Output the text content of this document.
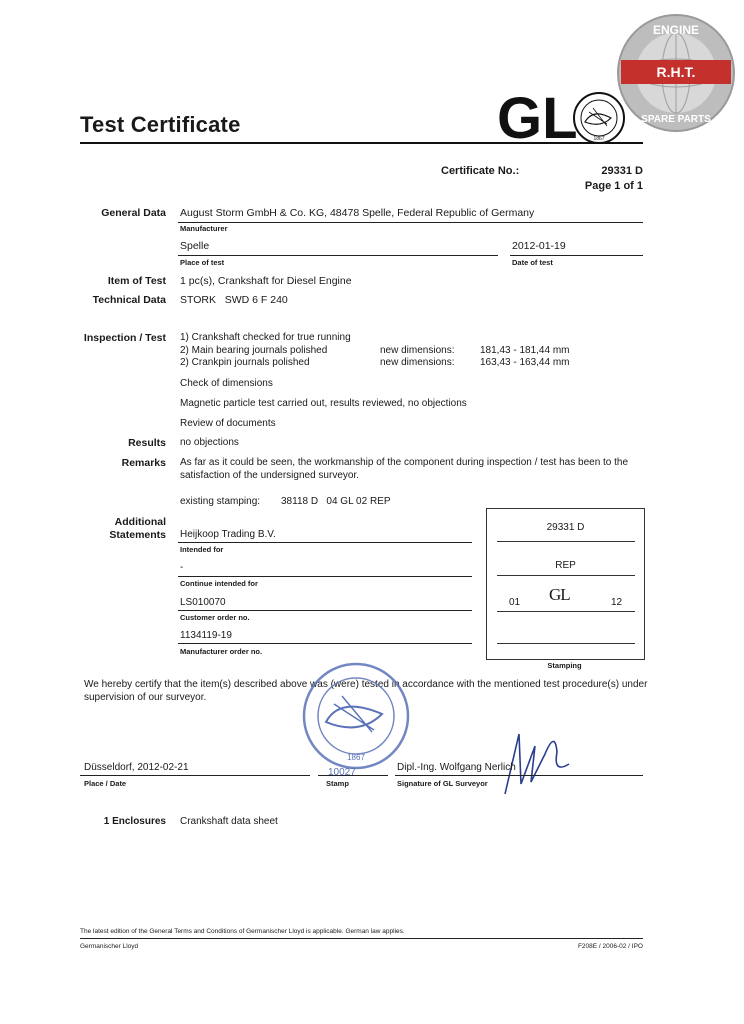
R.H.T.
ENGINE
SPARE PARTS
Test Certificate	GL	1867
Certificate No.:	29331 D
Page 1 of 1
General Data August Storm GmbH & Co. KG, 48478 Spelle, Federal Republic of Germany
Manufacturer
Spelle
Place of test
2012-01-19
Date of test
Item of Test 1 pc(s), Crankshaft for Diesel Engine
Technical Data STORK   SWD 6 F 240
Inspection / Test 1) Crankshaft checked for true running
2) Main bearing journals polished	new dimensions:	181,43 - 181,44 mm
2) Crankpin journals polished	new dimensions:	163,43 - 163,44 mm
Check of dimensions
Magnetic particle test carried out, results reviewed, no objections
Review of documents
Results no objections
Remarks As far as it could be seen, the workmanship of the component during inspection / test has been to the
satisfaction of the undersigned surveyor.
existing stamping: 38118 D   04 GL 02 REP
Additional
Statements Heijkoop Trading B.V.
Intended for
-
Continue intended for
LS010070
Customer order no.
1134119-19
Manufacturer order no.
29331 D
REP
01 GL	12
Stamping
We hereby certify that the item(s) described above was (were) tested in accordance with the mentioned test procedure(s) under
supervision of our surveyor.
1867
Düsseldorf, 2012-02-21
Place / Date
10027
Stamp
Dipl.-Ing. Wolfgang Nerlich
Signature of GL Surveyor
1 Enclosures Crankshaft data sheet
The latest edition of the General Terms and Conditions of Germanischer Lloyd is applicable. German law applies.
Germanischer Lloyd	F208E / 2006-02 / IPO
